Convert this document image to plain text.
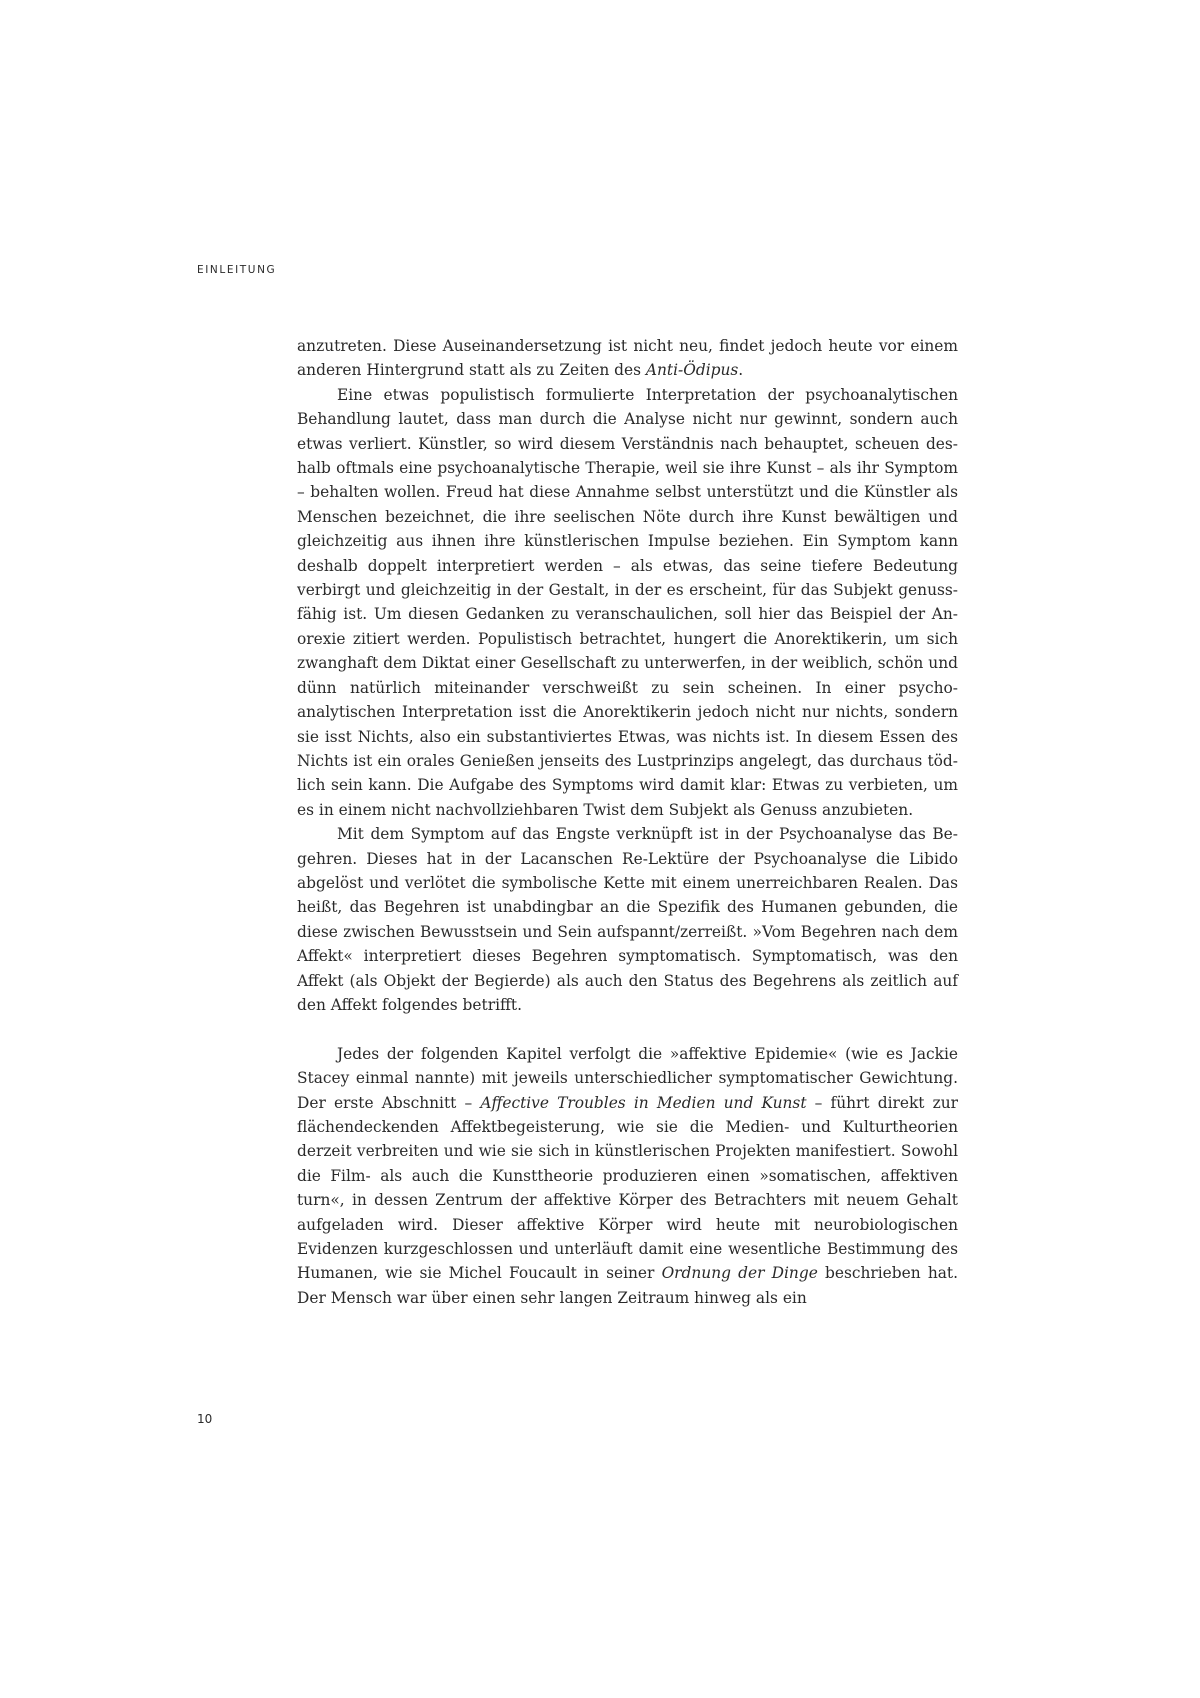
EINLEITUNG

anzutreten. Diese Auseinandersetzung ist nicht neu, findet jedoch heute vor einem anderen Hintergrund statt als zu Zeiten des Anti-Ödipus.

Eine etwas populistisch formulierte Interpretation der psychoanalytischen Behandlung lautet, dass man durch die Analyse nicht nur gewinnt, sondern auch etwas verliert. Künstler, so wird diesem Verständnis nach behauptet, scheuen deshalb oftmals eine psychoanalytische Therapie, weil sie ihre Kunst – als ihr Symptom – behalten wollen. Freud hat diese Annahme selbst unterstützt und die Künstler als Menschen bezeichnet, die ihre seelischen Nöte durch ihre Kunst bewältigen und gleichzeitig aus ihnen ihre künstlerischen Impulse beziehen. Ein Symptom kann deshalb doppelt interpretiert werden – als etwas, das seine tiefere Bedeutung verbirgt und gleichzeitig in der Gestalt, in der es erscheint, für das Subjekt genussfähig ist. Um diesen Gedanken zu veranschaulichen, soll hier das Beispiel der Anorexie zitiert werden. Populistisch betrachtet, hungert die Anorektikerin, um sich zwanghaft dem Diktat einer Gesellschaft zu unterwerfen, in der weiblich, schön und dünn natürlich miteinander verschweißt zu sein scheinen. In einer psychoanalytischen Interpretation isst die Anorektikerin jedoch nicht nur nichts, sondern sie isst Nichts, also ein substantiviertes Etwas, was nichts ist. In diesem Essen des Nichts ist ein orales Genießen jenseits des Lustprinzips angelegt, das durchaus tödlich sein kann. Die Aufgabe des Symptoms wird damit klar: Etwas zu verbieten, um es in einem nicht nachvollziehbaren Twist dem Subjekt als Genuss anzubieten.

Mit dem Symptom auf das Engste verknüpft ist in der Psychoanalyse das Begehren. Dieses hat in der Lacanschen Re-Lektüre der Psychoanalyse die Libido abgelöst und verlötet die symbolische Kette mit einem unerreichbaren Realen. Das heißt, das Begehren ist unabdingbar an die Spezifik des Humanen gebunden, die diese zwischen Bewusstsein und Sein aufspannt/zerreißt. »Vom Begehren nach dem Affekt« interpretiert dieses Begehren symptomatisch. Symptomatisch, was den Affekt (als Objekt der Begierde) als auch den Status des Begehrens als zeitlich auf den Affekt folgendes betrifft.

Jedes der folgenden Kapitel verfolgt die »affektive Epidemie« (wie es Jackie Stacey einmal nannte) mit jeweils unterschiedlicher symptomatischer Gewichtung. Der erste Abschnitt – Affective Troubles in Medien und Kunst – führt direkt zur flächendeckenden Affektbegeisterung, wie sie die Medien- und Kulturtheorien derzeit verbreiten und wie sie sich in künstlerischen Projekten manifestiert. Sowohl die Film- als auch die Kunsttheorie produzieren einen »somatischen, affektiven turn«, in dessen Zentrum der affektive Körper des Betrachters mit neuem Gehalt aufgeladen wird. Dieser affektive Körper wird heute mit neurobiologischen Evidenzen kurzgeschlossen und unterläuft damit eine wesentliche Bestimmung des Humanen, wie sie Michel Foucault in seiner Ordnung der Dinge beschrieben hat. Der Mensch war über einen sehr langen Zeitraum hinweg als ein

10
